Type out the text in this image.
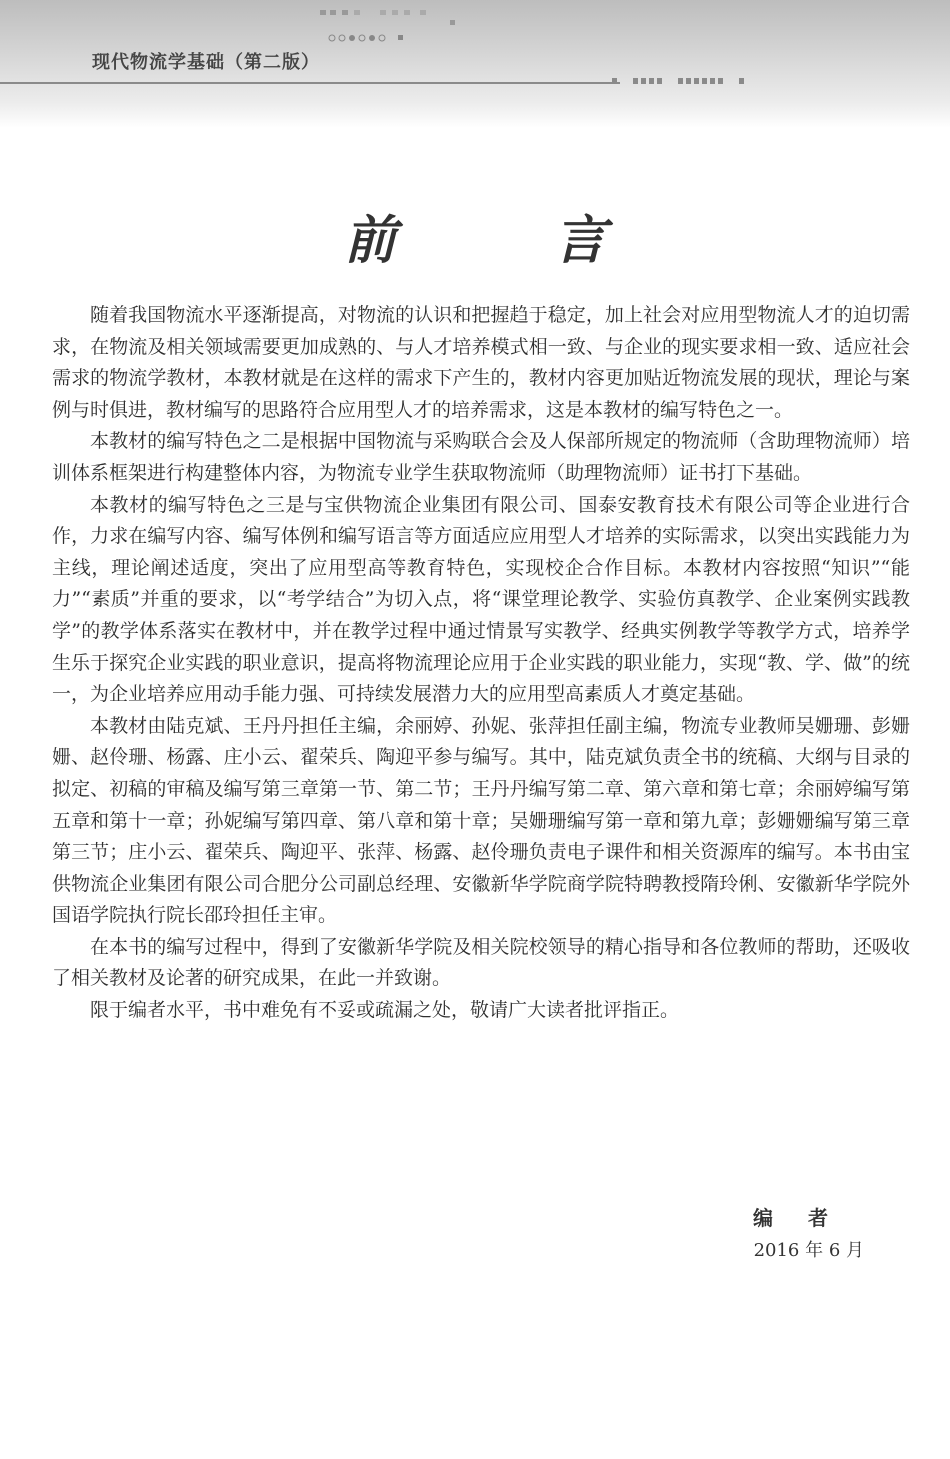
现代物流学基础（第二版）
前 言

随着我国物流水平逐渐提高，对物流的认识和把握趋于稳定，加上社会对应用型物流人才的迫切需求，在物流及相关领域需要更加成熟的、与人才培养模式相一致、与企业的现实要求相一致、适应社会需求的物流学教材，本教材就是在这样的需求下产生的，教材内容更加贴近物流发展的现状，理论与案例与时俱进，教材编写的思路符合应用型人才的培养需求，这是本教材的编写特色之一。

本教材的编写特色之二是根据中国物流与采购联合会及人保部所规定的物流师（含助理物流师）培训体系框架进行构建整体内容，为物流专业学生获取物流师（助理物流师）证书打下基础。

本教材的编写特色之三是与宝供物流企业集团有限公司、国泰安教育技术有限公司等企业进行合作，力求在编写内容、编写体例和编写语言等方面适应应用型人才培养的实际需求，以突出实践能力为主线，理论阐述适度，突出了应用型高等教育特色，实现校企合作目标。本教材内容按照“知识”“能力”“素质”并重的要求，以“考学结合”为切入点，将“课堂理论教学、实验仿真教学、企业案例实践教学”的教学体系落实在教材中，并在教学过程中通过情景写实教学、经典实例教学等教学方式，培养学生乐于探究企业实践的职业意识，提高将物流理论应用于企业实践的职业能力，实现“教、学、做”的统一，为企业培养应用动手能力强、可持续发展潜力大的应用型高素质人才奠定基础。

本教材由陆克斌、王丹丹担任主编，余丽婷、孙妮、张萍担任副主编，物流专业教师吴姗珊、彭姗姗、赵伶珊、杨露、庄小云、翟荣兵、陶迎平参与编写。其中，陆克斌负责全书的统稿、大纲与目录的拟定、初稿的审稿及编写第三章第一节、第二节；王丹丹编写第二章、第六章和第七章；余丽婷编写第五章和第十一章；孙妮编写第四章、第八章和第十章；吴姗珊编写第一章和第九章；彭姗姗编写第三章第三节；庄小云、翟荣兵、陶迎平、张萍、杨露、赵伶珊负责电子课件和相关资源库的编写。本书由宝供物流企业集团有限公司合肥分公司副总经理、安徽新华学院商学院特聘教授隋玲俐、安徽新华学院外国语学院执行院长邵玲担任主审。

在本书的编写过程中，得到了安徽新华学院及相关院校领导的精心指导和各位教师的帮助，还吸收了相关教材及论著的研究成果，在此一并致谢。

限于编者水平，书中难免有不妥或疏漏之处，敬请广大读者批评指正。

编 者
2016 年 6 月
